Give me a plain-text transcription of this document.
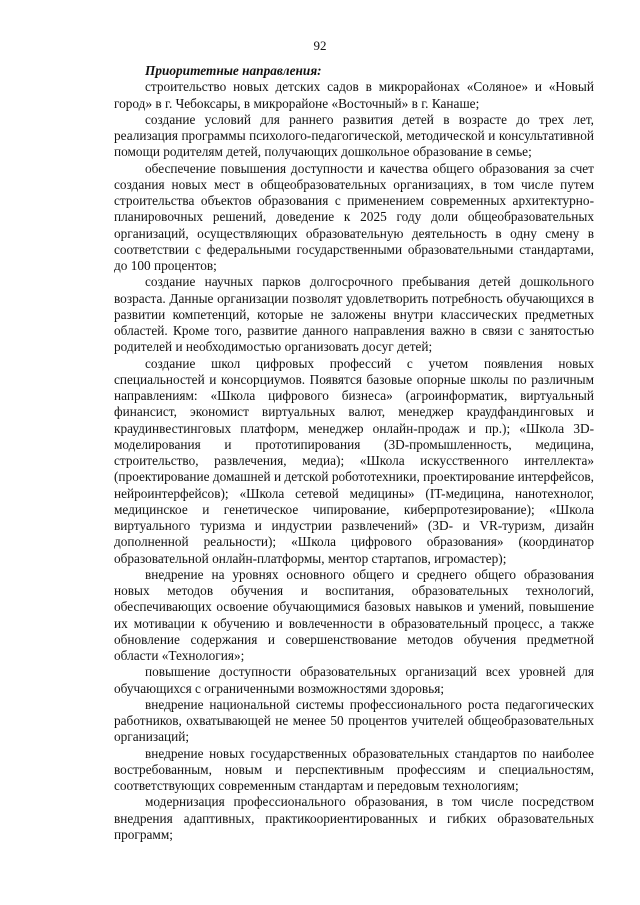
92

Приоритетные направления:

строительство новых детских садов в микрорайонах «Соляное» и «Новый город» в г. Чебоксары, в микрорайоне «Восточный» в г. Канаше;

создание условий для раннего развития детей в возрасте до трех лет, реализация программы психолого-педагогической, методической и консультативной помощи родителям детей, получающих дошкольное образование в семье;

обеспечение повышения доступности и качества общего образования за счет создания новых мест в общеобразовательных организациях, в том числе путем строительства объектов образования с применением современных архитектурно-планировочных решений, доведение к 2025 году доли общеобразовательных организаций, осуществляющих образовательную деятельность в одну смену в соответствии с федеральными государственными образовательными стандартами, до 100 процентов;

создание научных парков долгосрочного пребывания детей дошкольного возраста. Данные организации позволят удовлетворить потребность обучающихся в развитии компетенций, которые не заложены внутри классических предметных областей. Кроме того, развитие данного направления важно в связи с занятостью родителей и необходимостью организовать досуг детей;

создание школ цифровых профессий с учетом появления новых специальностей и консорциумов. Появятся базовые опорные школы по различным направлениям: «Школа цифрового бизнеса» (агроинформатик, виртуальный финансист, экономист виртуальных валют, менеджер краудфандинговых и краудинвестинговых платформ, менеджер онлайн-продаж и пр.); «Школа 3D-моделирования и прототипирования (3D-промышленность, медицина, строительство, развлечения, медиа); «Школа искусственного интеллекта» (проектирование домашней и детской робототехники, проектирование интерфейсов, нейроинтерфейсов); «Школа сетевой медицины» (IT-медицина, нанотехнолог, медицинское и генетическое чипирование, киберпротезирование); «Школа виртуального туризма и индустрии развлечений» (3D- и VR-туризм, дизайн дополненной реальности); «Школа цифрового образования» (координатор образовательной онлайн-платформы, ментор стартапов, игромастер);

внедрение на уровнях основного общего и среднего общего образования новых методов обучения и воспитания, образовательных технологий, обеспечивающих освоение обучающимися базовых навыков и умений, повышение их мотивации к обучению и вовлеченности в образовательный процесс, а также обновление содержания и совершенствование методов обучения предметной области «Технология»;

повышение доступности образовательных организаций всех уровней для обучающихся с ограниченными возможностями здоровья;

внедрение национальной системы профессионального роста педагогических работников, охватывающей не менее 50 процентов учителей общеобразовательных организаций;

внедрение новых государственных образовательных стандартов по наиболее востребованным, новым и перспективным профессиям и специальностям, соответствующих современным стандартам и передовым технологиям;

модернизация профессионального образования, в том числе посредством внедрения адаптивных, практикоориентированных и гибких образовательных программ;
